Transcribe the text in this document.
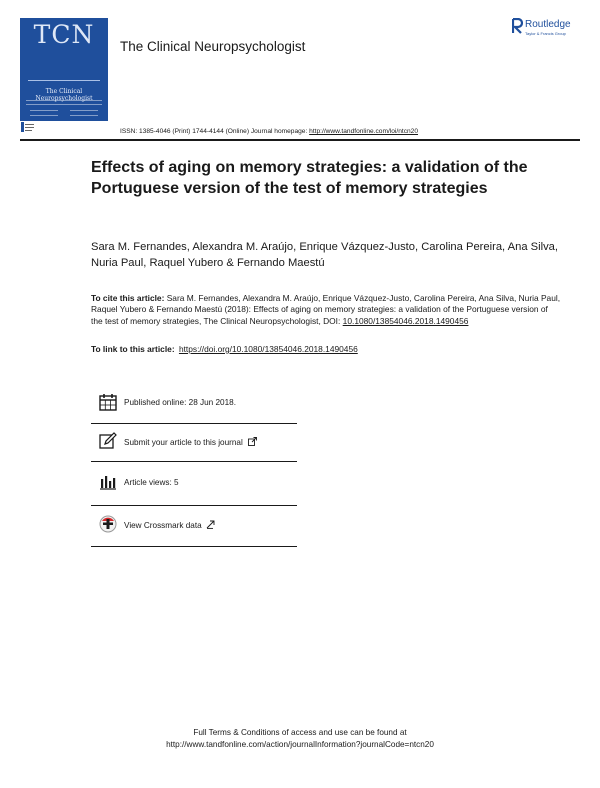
TCN
The Clinical Neuropsychologist
The Clinical Neuropsychologist
Routledge
Taylor & Francis Group
ISSN: 1385-4046 (Print) 1744-4144 (Online) Journal homepage: http://www.tandfonline.com/loi/ntcn20
Effects of aging on memory strategies: a validation of the Portuguese version of the test of memory strategies
Sara M. Fernandes, Alexandra M. Araújo, Enrique Vázquez-Justo, Carolina Pereira, Ana Silva, Nuria Paul, Raquel Yubero & Fernando Maestú
To cite this article: Sara M. Fernandes, Alexandra M. Araújo, Enrique Vázquez-Justo, Carolina Pereira, Ana Silva, Nuria Paul, Raquel Yubero & Fernando Maestú (2018): Effects of aging on memory strategies: a validation of the Portuguese version of the test of memory strategies, The Clinical Neuropsychologist, DOI: 10.1080/13854046.2018.1490456
To link to this article: https://doi.org/10.1080/13854046.2018.1490456
Published online: 28 Jun 2018.
Submit your article to this journal
Article views: 5
View Crossmark data
Full Terms & Conditions of access and use can be found at
http://www.tandfonline.com/action/journalInformation?journalCode=ntcn20
